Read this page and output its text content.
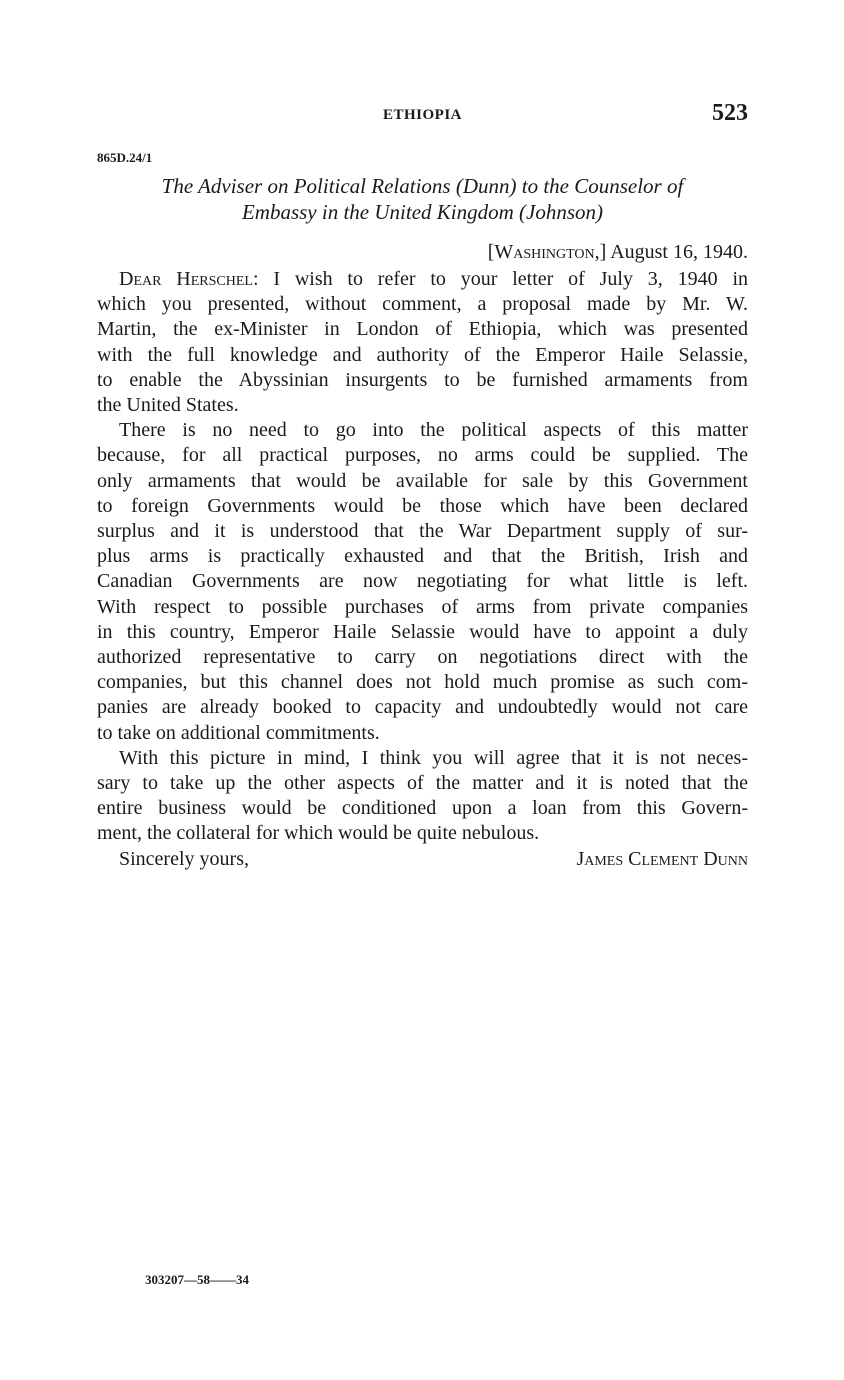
ETHIOPIA	523
865D.24/1
The Adviser on Political Relations (Dunn) to the Counselor of
Embassy in the United Kingdom (Johnson)
[Washington,] August 16, 1940.
Dear Herschel: I wish to refer to your letter of July 3, 1940 in
which you presented, without comment, a proposal made by Mr. W.
Martin, the ex-Minister in London of Ethiopia, which was presented
with the full knowledge and authority of the Emperor Haile Selassie,
to enable the Abyssinian insurgents to be furnished armaments from
the United States.
There is no need to go into the political aspects of this matter
because, for all practical purposes, no arms could be supplied. The
only armaments that would be available for sale by this Government
to foreign Governments would be those which have been declared
surplus and it is understood that the War Department supply of sur-
plus arms is practically exhausted and that the British, Irish and
Canadian Governments are now negotiating for what little is left.
With respect to possible purchases of arms from private companies
in this country, Emperor Haile Selassie would have to appoint a duly
authorized representative to carry on negotiations direct with the
companies, but this channel does not hold much promise as such com-
panies are already booked to capacity and undoubtedly would not care
to take on additional commitments.
With this picture in mind, I think you will agree that it is not neces-
sary to take up the other aspects of the matter and it is noted that the
entire business would be conditioned upon a loan from this Govern-
ment, the collateral for which would be quite nebulous.
Sincerely yours,	James Clement Dunn
303207—58——34
